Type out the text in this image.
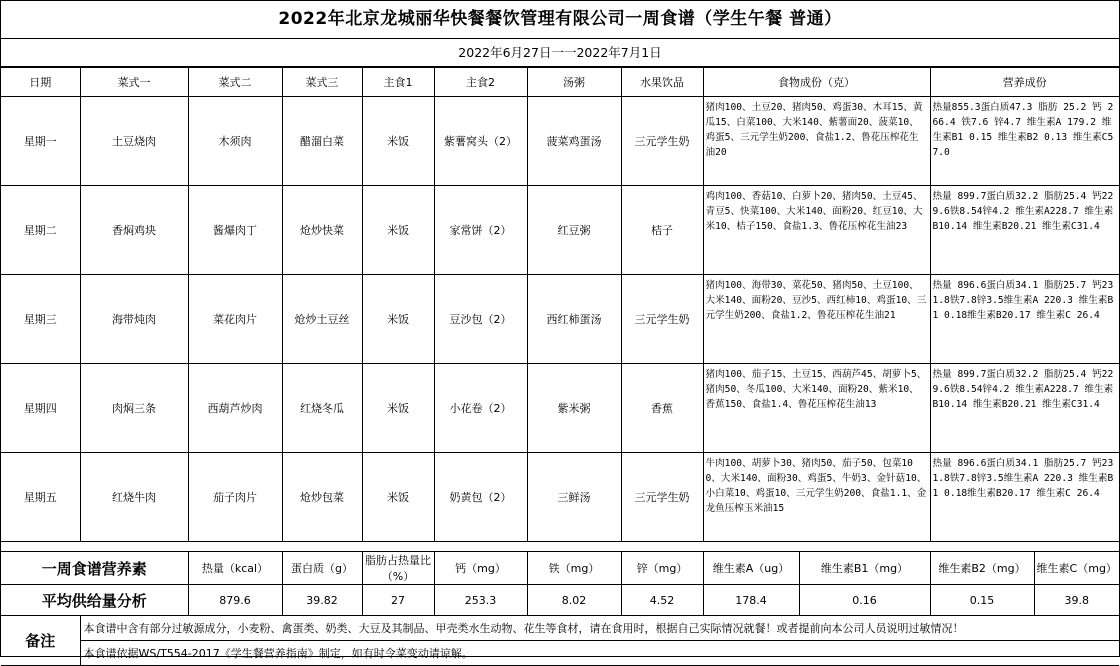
2022年北京龙城丽华快餐餐饮管理有限公司一周食谱（学生午餐 普通）
2022年6月27日一一2022年7月1日
日期	菜式一	菜式二	菜式三	主食1	主食2	汤粥	水果饮品	食物成份（克）		营养成份	
星期一	土豆烧肉	木须肉	醋溜白菜	米饭	紫薯窝头（2）	菠菜鸡蛋汤	三元学生奶	猪肉100、土豆20、猪肉50、鸡蛋30、木耳15、黄瓜15、白菜100、大米140、紫薯面20、菠菜10、鸡蛋5、三元学生奶200、食盐1.2、鲁花压榨花生油20		热量855.3蛋白质47.3 脂肪 25.2 钙 266.4 铁7.6 锌4.7 维生素A 179.2 维生素B1 0.15 维生素B2 0.13 维生素C57.0	
星期二	香焖鸡块	酱爆肉丁	炝炒快菜	米饭	家常饼（2）	红豆粥	桔子	鸡肉100、香菇10、白萝卜20、猪肉50、土豆45、青豆5、快菜100、大米140、面粉20、红豆10、大米10、桔子150、食盐1.3、鲁花压榨花生油23		热量 899.7蛋白质32.2 脂肪25.4 钙229.6铁8.54锌4.2 维生素A228.7 维生素B10.14 维生素B20.21 维生素C31.4	
星期三	海带炖肉	菜花肉片	炝炒土豆丝	米饭	豆沙包（2）	西红柿蛋汤	三元学生奶	猪肉100、海带30、菜花50、猪肉50、土豆100、大米140、面粉20、豆沙5、西红柿10、鸡蛋10、三元学生奶200、食盐1.2、鲁花压榨花生油21		热量 896.6蛋白质34.1 脂肪25.7 钙231.8铁7.8锌3.5维生素A 220.3 维生素B1 0.18维生素B20.17 维生素C 26.4	
星期四	肉焖三条	西葫芦炒肉	红烧冬瓜	米饭	小花卷（2）	紫米粥	香蕉	猪肉100、茄子15、土豆15、西葫芦45、胡萝卜5、猪肉50、冬瓜100、大米140、面粉20、紫米10、香蕉150、食盐1.4、鲁花压榨花生油13		热量 899.7蛋白质32.2 脂肪25.4 钙229.6铁8.54锌4.2 维生素A228.7 维生素B10.14 维生素B20.21 维生素C31.4	
星期五	红烧牛肉	茄子肉片	炝炒包菜	米饭	奶黄包（2）	三鲜汤	三元学生奶	牛肉100、胡萝卜30、猪肉50、茄子50、包菜100、大米140、面粉30、鸡蛋5、牛奶3、金针菇10、小白菜10、鸡蛋10、三元学生奶200、食盐1.1、金龙鱼压榨玉米油15		热量 896.6蛋白质34.1 脂肪25.7 钙231.8铁7.8锌3.5维生素A 220.3 维生素B1 0.18维生素B20.17 维生素C 26.4	

一周食谱营养素		热量（kcal）	蛋白质（g）	脂肪占热量比（%）	钙（mg）	铁（mg）	锌（mg）	维生素A（ug）	维生素B1（mg）	维生素B2（mg）	维生素C（mg）
平均供给量分析		879.6	39.82	27	253.3	8.02	4.52	178.4	0.16	0.15	39.8
备注	本食谱中含有部分过敏源成分，小麦粉、禽蛋类、奶类、大豆及其制品、甲壳类水生动物、花生等食材，请在食用时，根据自己实际情况就餐！或者提前向本公司人员说明过敏情况！										
	本食谱依据WS/T554-2017《学生餐营养指南》制定，如有时令菜变动请谅解。										
